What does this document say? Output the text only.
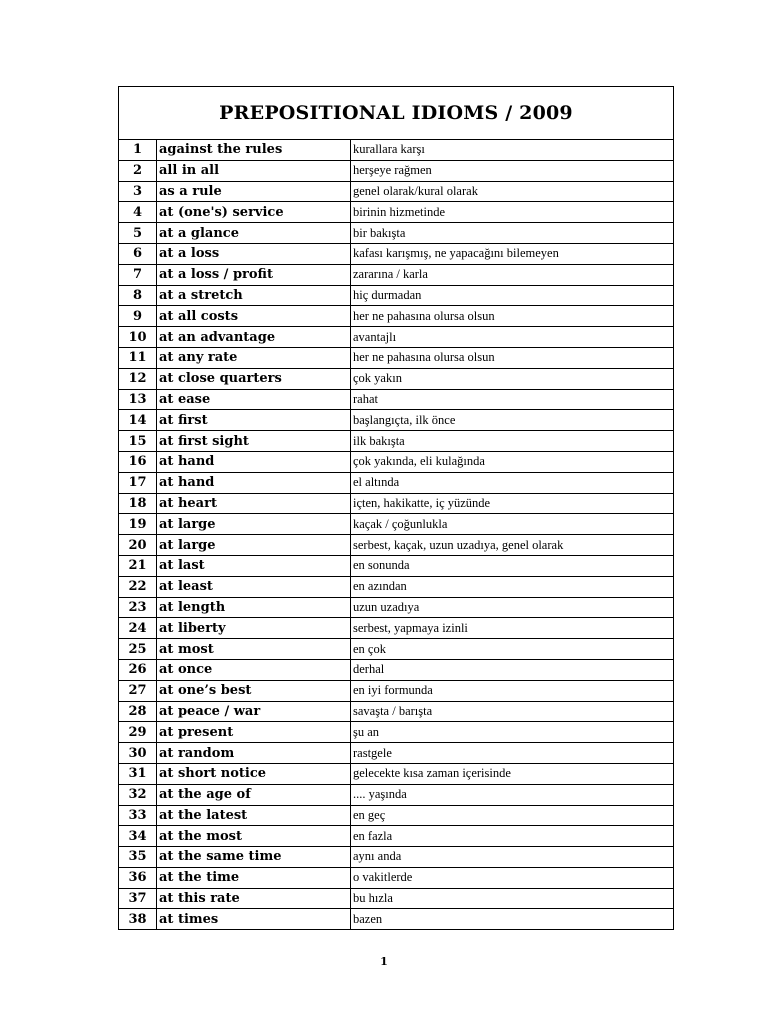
PREPOSITIONAL IDIOMS / 2009
1	against the rules	kurallara karşı
2	all in all	herşeye rağmen
3	as a rule	genel olarak/kural olarak
4	at (one's) service	birinin hizmetinde
5	at a glance	bir bakışta
6	at a loss	kafası karışmış, ne yapacağını bilemeyen
7	at a loss / profit	zararına / karla
8	at a stretch	hiç durmadan
9	at all costs	her ne pahasına olursa olsun
10	at an advantage	avantajlı
11	at any rate	her ne pahasına olursa olsun
12	at close quarters	çok yakın
13	at ease	rahat
14	at first	başlangıçta, ilk önce
15	at first sight	ilk bakışta
16	at hand	çok yakında, eli kulağında
17	at hand	el altında
18	at heart	içten, hakikatte, iç yüzünde
19	at large	kaçak / çoğunlukla
20	at large	serbest, kaçak, uzun uzadıya, genel olarak
21	at last	en sonunda
22	at least	en azından
23	at length	uzun uzadıya
24	at liberty	serbest, yapmaya izinli
25	at most	en çok
26	at once	derhal
27	at one’s best	en iyi formunda
28	at peace / war	savaşta / barışta
29	at present	şu an
30	at random	rastgele
31	at short notice	gelecekte kısa zaman içerisinde
32	at the age of	.... yaşında
33	at the latest	en geç
34	at the most	en fazla
35	at the same time	aynı anda
36	at the time	o vakitlerde
37	at this rate	bu hızla
38	at times	bazen
1
